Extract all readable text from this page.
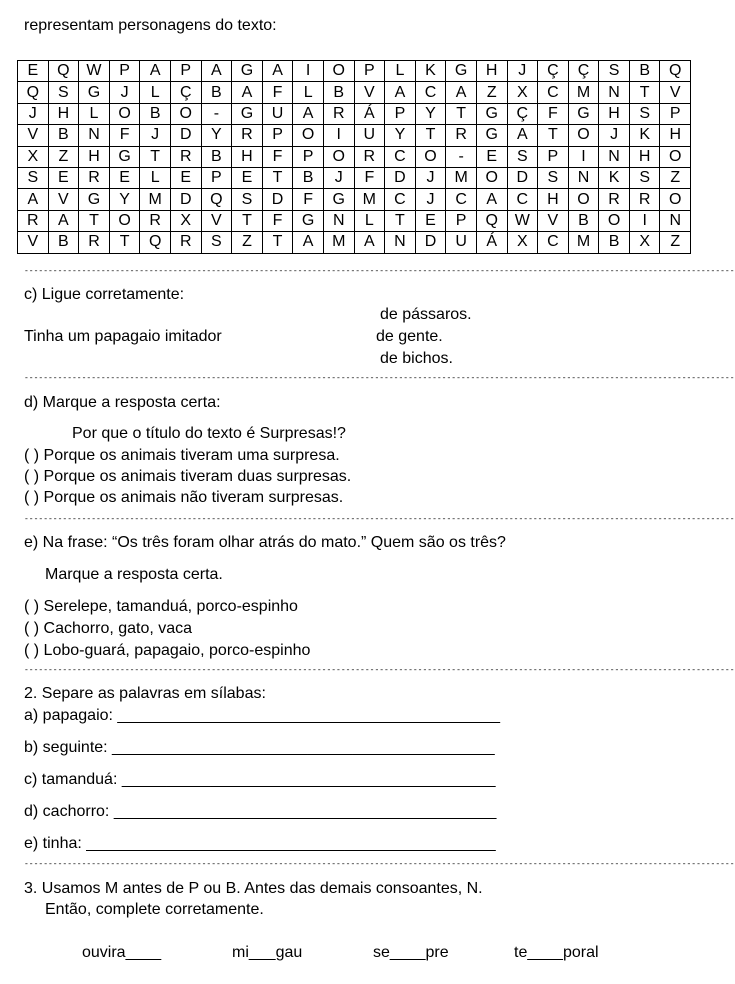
representam personagens do texto:
E	Q	W	P	A	P	A	G	A	I	O	P	L	K	G	H	J	Ç	Ç	S	B	Q
Q	S	G	J	L	Ç	B	A	F	L	B	V	A	C	A	Z	X	C	M	N	T	V
J	H	L	O	B	O	-	G	U	A	R	Á	P	Y	T	G	Ç	F	G	H	S	P
V	B	N	F	J	D	Y	R	P	O	I	U	Y	T	R	G	A	T	O	J	K	H
X	Z	H	G	T	R	B	H	F	P	O	R	C	O	-	E	S	P	I	N	H	O
S	E	R	E	L	E	P	E	T	B	J	F	D	J	M	O	D	S	N	K	S	Z
A	V	G	Y	M	D	Q	S	D	F	G	M	C	J	C	A	C	H	O	R	R	O
R	A	T	O	R	X	V	T	F	G	N	L	T	E	P	Q	W	V	B	O	I	N
V	B	R	T	Q	R	S	Z	T	A	M	A	N	D	U	Á	X	C	M	B	X	Z
----------------------------------------------------------------------------------------------------------------------------------------------------
c) Ligue corretamente:
de pássaros.
Tinha um papagaio imitador	de gente.
de bichos.
----------------------------------------------------------------------------------------------------------------------------------------------------
d) Marque a resposta certa:
Por que o título do texto é Surpresas!?
( ) Porque os animais tiveram uma surpresa.
( ) Porque os animais tiveram duas surpresas.
( ) Porque os animais não tiveram surpresas.
----------------------------------------------------------------------------------------------------------------------------------------------------
e) Na frase: “Os três foram olhar atrás do mato.” Quem são os três?
Marque a resposta certa.
( ) Serelepe, tamanduá, porco-espinho
( ) Cachorro, gato, vaca
( ) Lobo-guará, papagaio, porco-espinho
----------------------------------------------------------------------------------------------------------------------------------------------------
2. Separe as palavras em sílabas:
a) papagaio: ___________________________________________
b) seguinte: ___________________________________________
c) tamanduá: __________________________________________
d) cachorro: ___________________________________________
e) tinha: ______________________________________________
----------------------------------------------------------------------------------------------------------------------------------------------------
3. Usamos M antes de P ou B. Antes das demais consoantes, N.
Então, complete corretamente.
ouvira____	mi___gau	se____pre	te____poral
